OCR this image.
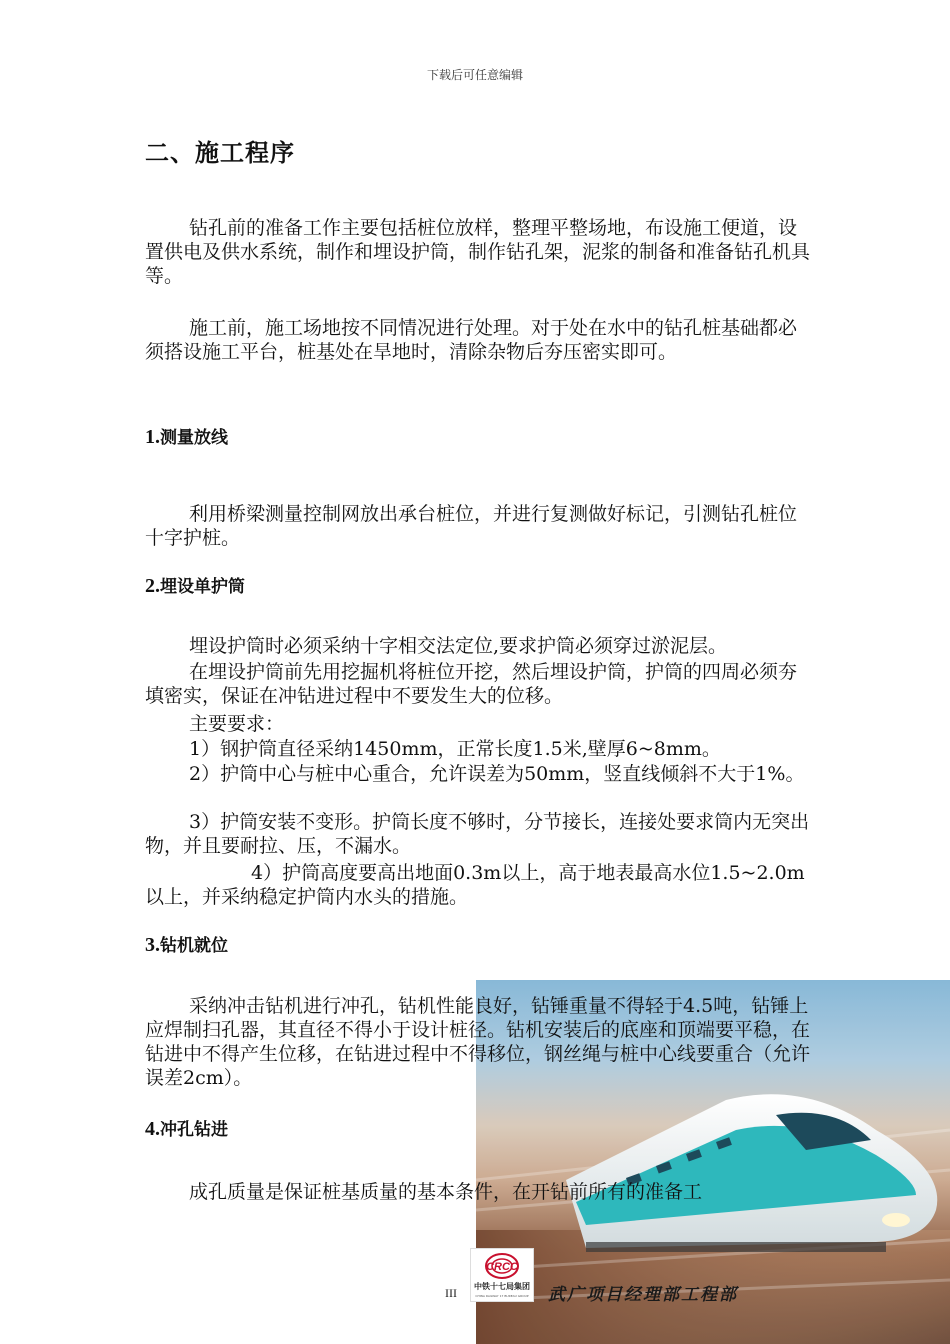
下载后可任意编辑
二、施工程序

钻孔前的准备工作主要包括桩位放样，整理平整场地，布设施工便道，设置供电及供水系统，制作和埋设护筒，制作钻孔架，泥浆的制备和准备钻孔机具等。

施工前，施工场地按不同情况进行处理。对于处在水中的钻孔桩基础都必须搭设施工平台，桩基处在旱地时，清除杂物后夯压密实即可。

1.测量放线

利用桥梁测量控制网放出承台桩位，并进行复测做好标记，引测钻孔桩位十字护桩。

2.埋设单护筒

埋设护筒时必须采纳十字相交法定位,要求护筒必须穿过淤泥层。

在埋设护筒前先用挖掘机将桩位开挖，然后埋设护筒，护筒的四周必须夯填密实，保证在冲钻进过程中不要发生大的位移。

主要要求：

1）钢护筒直径采纳1450mm，正常长度1.5米,壁厚6~8mm。

2）护筒中心与桩中心重合，允许误差为50mm，竖直线倾斜不大于1%。

3）护筒安装不变形。护筒长度不够时，分节接长，连接处要求筒内无突出物，并且要耐拉、压，不漏水。

4）护筒高度要高出地面0.3m以上，高于地表最高水位1.5~2.0m以上，并采纳稳定护筒内水头的措施。

3.钻机就位

采纳冲击钻机进行冲孔，钻机性能良好，钻锤重量不得轻于4.5吨，钻锤上应焊制扫孔器，其直径不得小于设计桩径。钻机安装后的底座和顶端要平稳，在钻进中不得产生位移，在钻进过程中不得移位，钢丝绳与桩中心线要重合（允许误差2cm）。

4.冲孔钻进

成孔质量是保证桩基质量的基本条件，在开钻前所有的准备工

CRCC
中铁十七局集团
CHINA RAILWAY 17 BUREAU GROUP
III	武广项目经理部工程部
